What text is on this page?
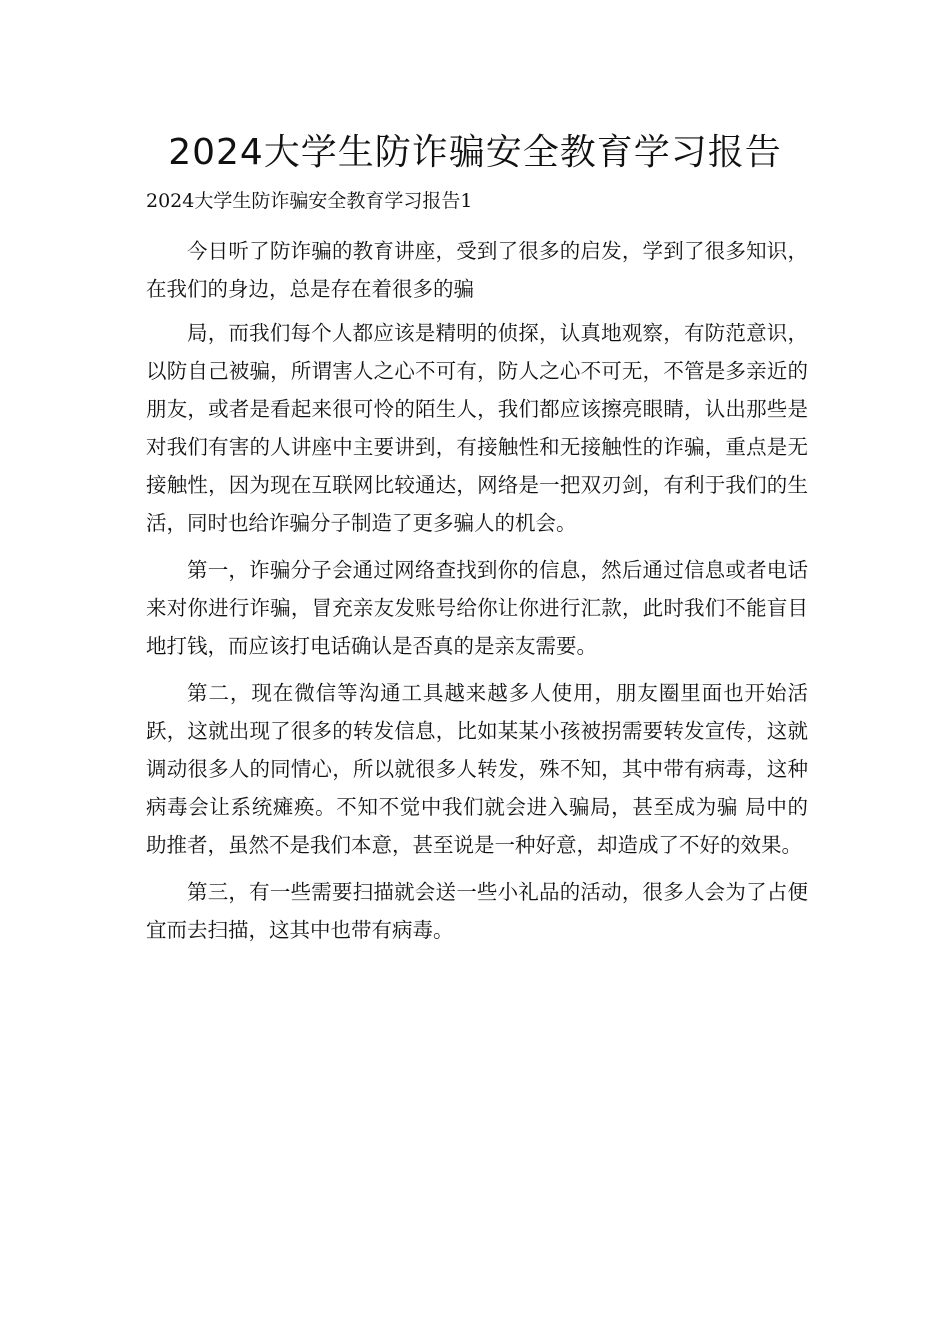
2024大学生防诈骗安全教育学习报告

2024大学生防诈骗安全教育学习报告1

今日听了防诈骗的教育讲座，受到了很多的启发，学到了很多知识，在我们的身边，总是存在着很多的骗

局，而我们每个人都应该是精明的侦探，认真地观察，有防范意识，以防自己被骗，所谓害人之心不可有，防人之心不可无，不管是多亲近的朋友，或者是看起来很可怜的陌生人，我们都应该擦亮眼睛，认出那些是对我们有害的人讲座中主要讲到，有接触性和无接触性的诈骗，重点是无接触性，因为现在互联网比较通达，网络是一把双刃剑，有利于我们的生活，同时也给诈骗分子制造了更多骗人的机会。

第一，诈骗分子会通过网络查找到你的信息，然后通过信息或者电话来对你进行诈骗，冒充亲友发账号给你让你进行汇款，此时我们不能盲目地打钱，而应该打电话确认是否真的是亲友需要。

第二，现在微信等沟通工具越来越多人使用，朋友圈里面也开始活跃，这就出现了很多的转发信息，比如某某小孩被拐需要转发宣传，这就调动很多人的同情心，所以就很多人转发，殊不知，其中带有病毒，这种病毒会让系统瘫痪。不知不觉中我们就会进入骗局，甚至成为骗 局中的助推者，虽然不是我们本意，甚至说是一种好意，却造成了不好的效果。

第三，有一些需要扫描就会送一些小礼品的活动，很多人会为了占便宜而去扫描，这其中也带有病毒。
